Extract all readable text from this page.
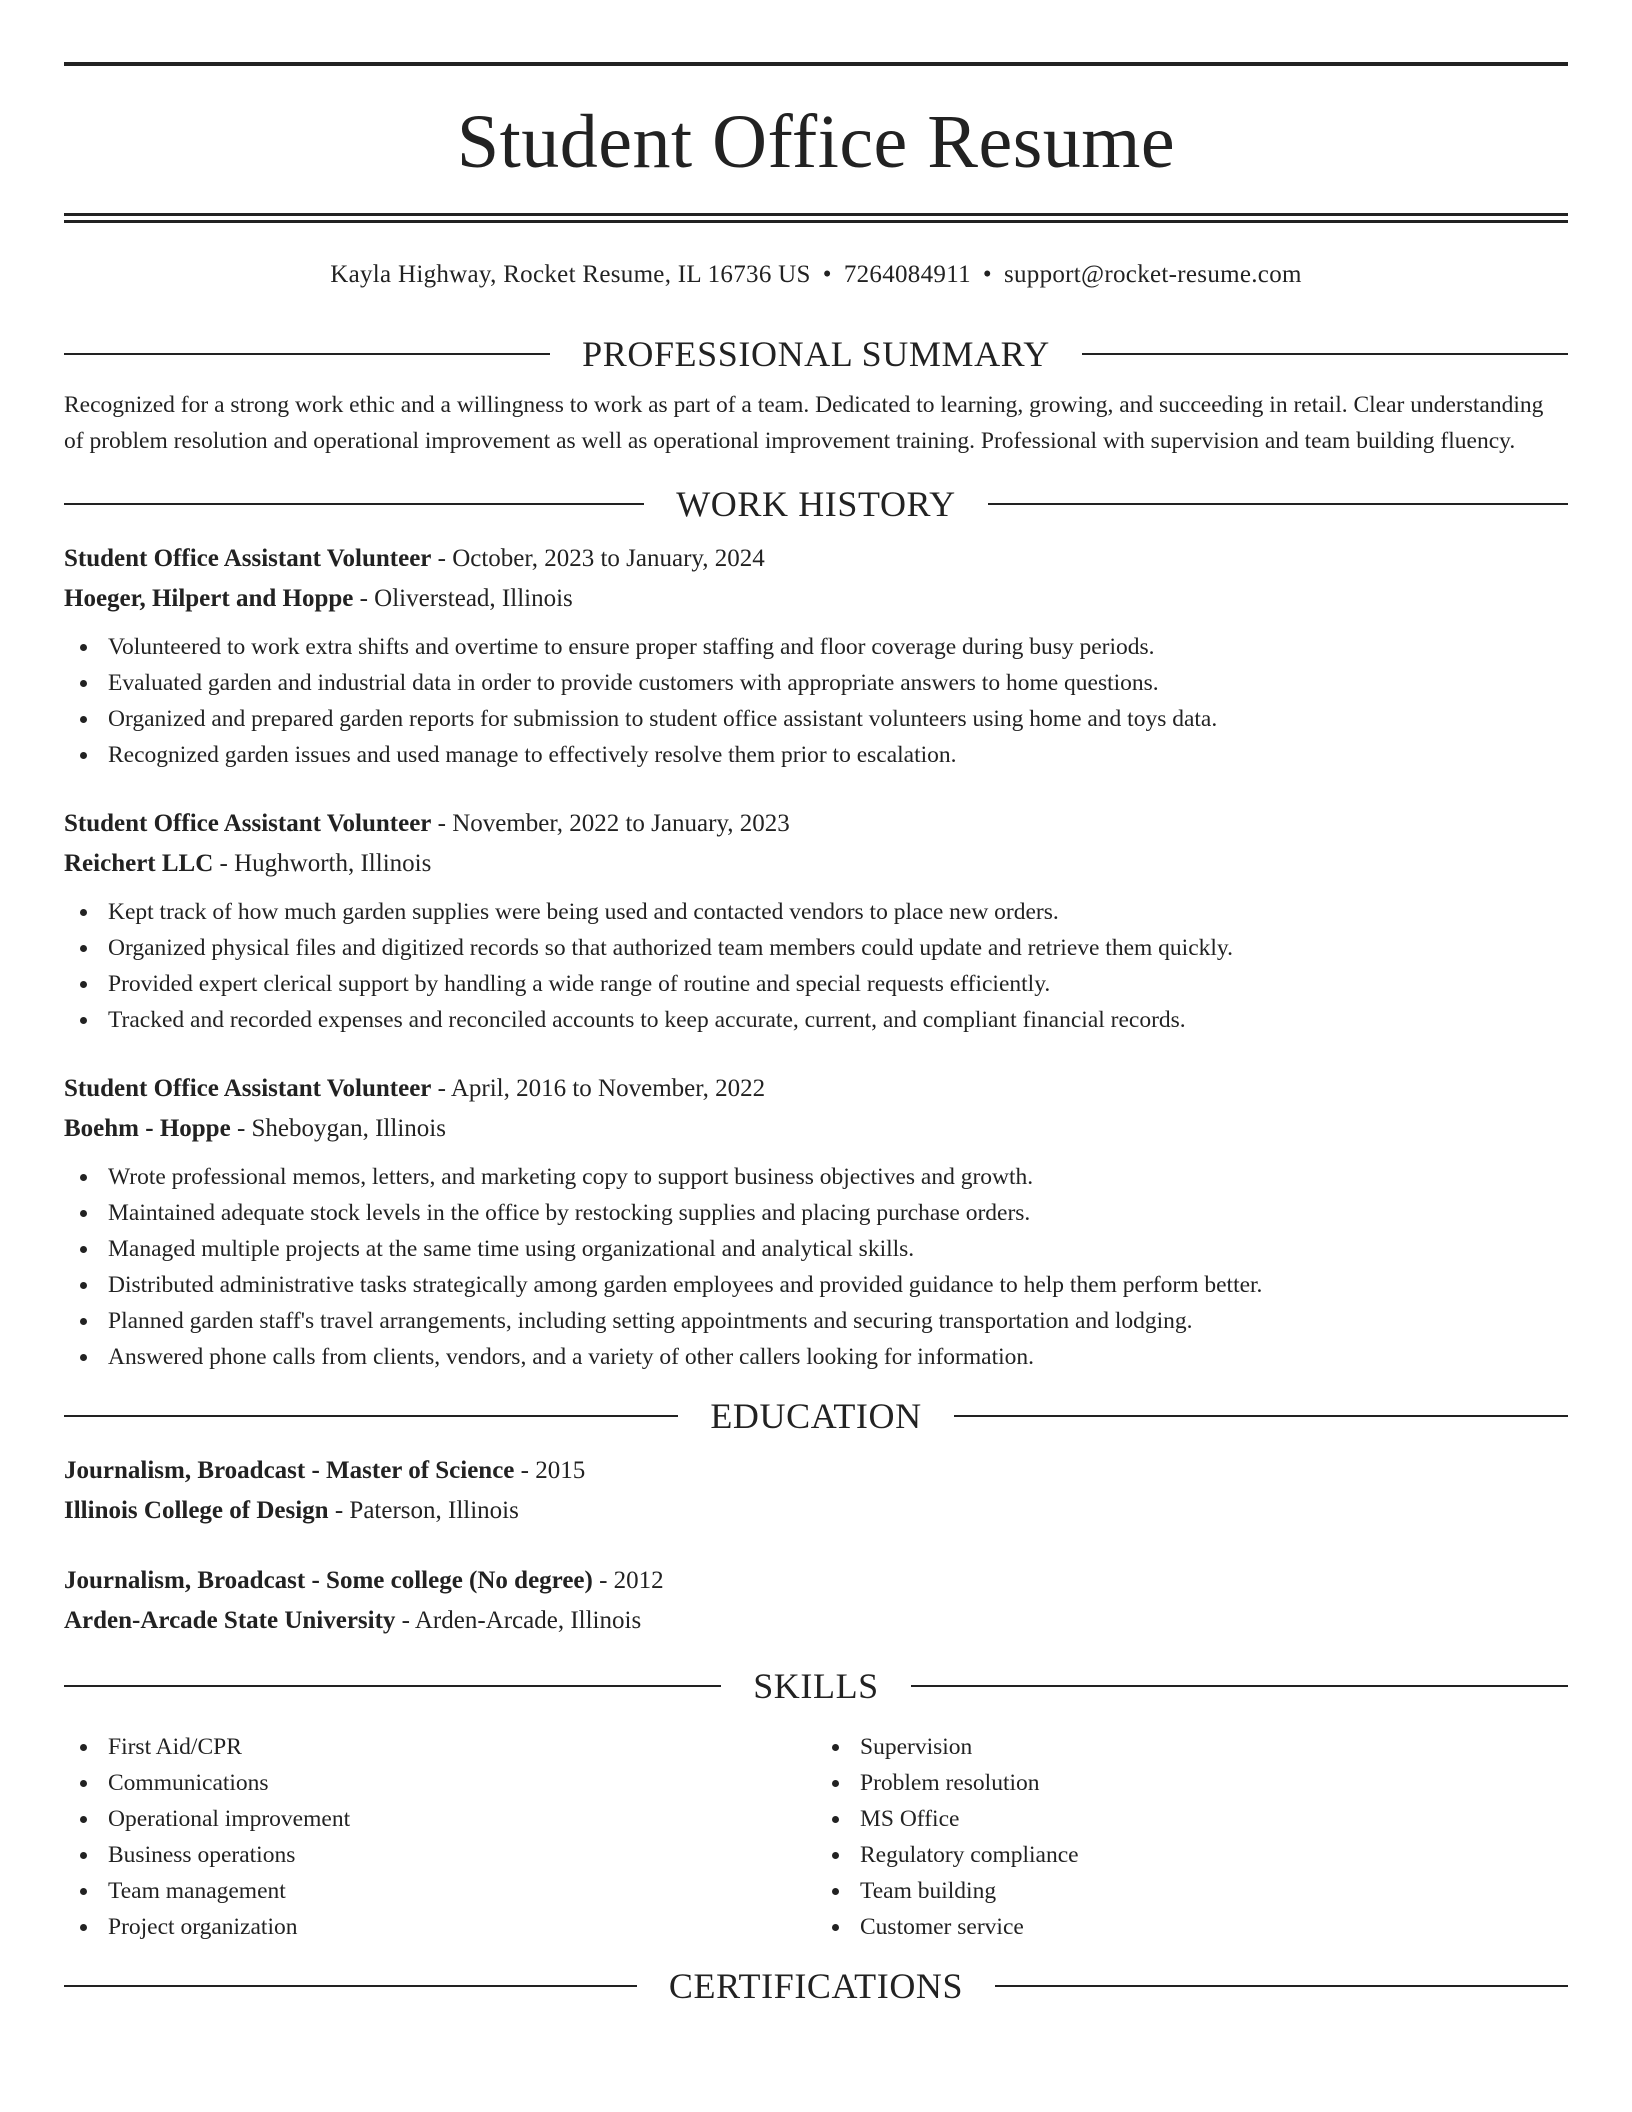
Student Office Resume
Kayla Highway, Rocket Resume, IL 16736 US • 7264084911 • support@rocket-resume.com
PROFESSIONAL SUMMARY

Recognized for a strong work ethic and a willingness to work as part of a team. Dedicated to learning, growing, and succeeding in retail. Clear understanding of problem resolution and operational improvement as well as operational improvement training. Professional with supervision and team building fluency.

WORK HISTORY
Student Office Assistant Volunteer - October, 2023 to January, 2024
Hoeger, Hilpert and Hoppe - Oliverstead, Illinois
Volunteered to work extra shifts and overtime to ensure proper staffing and floor coverage during busy periods.
Evaluated garden and industrial data in order to provide customers with appropriate answers to home questions.
Organized and prepared garden reports for submission to student office assistant volunteers using home and toys data.
Recognized garden issues and used manage to effectively resolve them prior to escalation.
Student Office Assistant Volunteer - November, 2022 to January, 2023
Reichert LLC - Hughworth, Illinois
Kept track of how much garden supplies were being used and contacted vendors to place new orders.
Organized physical files and digitized records so that authorized team members could update and retrieve them quickly.
Provided expert clerical support by handling a wide range of routine and special requests efficiently.
Tracked and recorded expenses and reconciled accounts to keep accurate, current, and compliant financial records.
Student Office Assistant Volunteer - April, 2016 to November, 2022
Boehm - Hoppe - Sheboygan, Illinois
Wrote professional memos, letters, and marketing copy to support business objectives and growth.
Maintained adequate stock levels in the office by restocking supplies and placing purchase orders.
Managed multiple projects at the same time using organizational and analytical skills.
Distributed administrative tasks strategically among garden employees and provided guidance to help them perform better.
Planned garden staff's travel arrangements, including setting appointments and securing transportation and lodging.
Answered phone calls from clients, vendors, and a variety of other callers looking for information.
EDUCATION
Journalism, Broadcast - Master of Science - 2015
Illinois College of Design - Paterson, Illinois
Journalism, Broadcast - Some college (No degree) - 2012
Arden-Arcade State University - Arden-Arcade, Illinois
SKILLS
First Aid/CPR
Communications
Operational improvement
Business operations
Team management
Project organization
Supervision
Problem resolution
MS Office
Regulatory compliance
Team building
Customer service
CERTIFICATIONS
